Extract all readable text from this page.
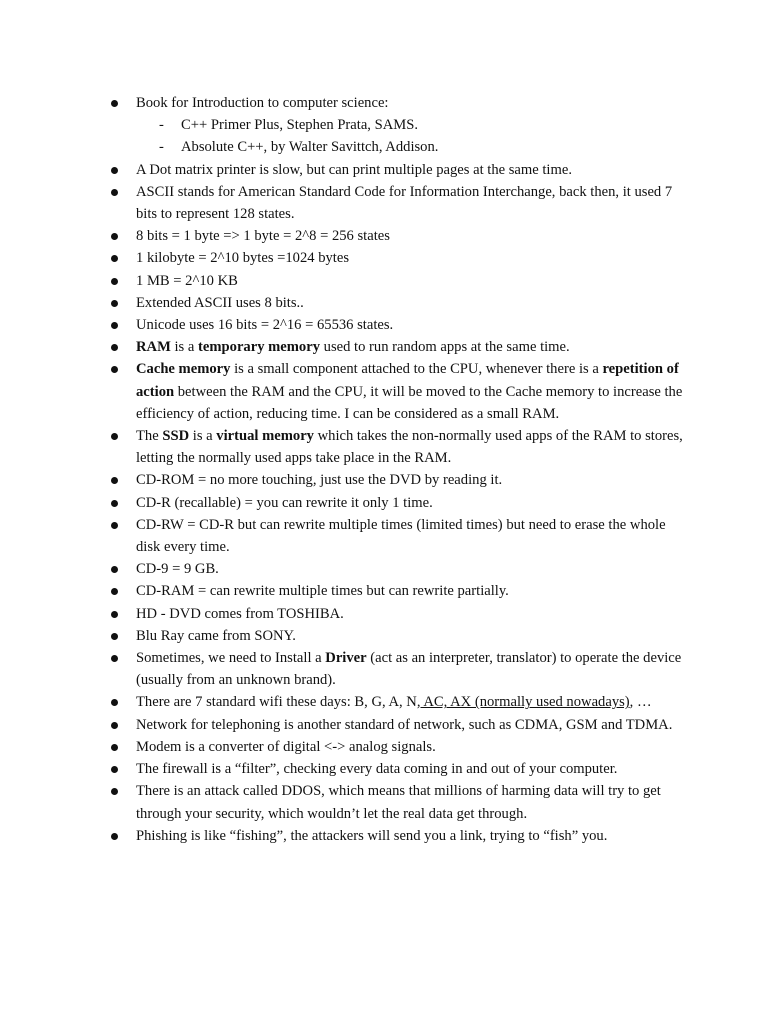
Book for Introduction to computer science:
- C++ Primer Plus, Stephen Prata, SAMS.
- Absolute C++, by Walter Savittch, Addison.
A Dot matrix printer is slow, but can print multiple pages at the same time.
ASCII stands for American Standard Code for Information Interchange, back then, it used 7 bits to represent 128 states.
8 bits = 1 byte => 1 byte = 2^8 = 256 states
1 kilobyte = 2^10 bytes =1024 bytes
1 MB = 2^10 KB
Extended ASCII uses 8 bits..
Unicode uses 16 bits = 2^16 = 65536 states.
RAM is a temporary memory used to run random apps at the same time.
Cache memory is a small component attached to the CPU, whenever there is a repetition of action between the RAM and the CPU, it will be moved to the Cache memory to increase the efficiency of action, reducing time. I can be considered as a small RAM.
The SSD is a virtual memory which takes the non-normally used apps of the RAM to stores, letting the normally used apps take place in the RAM.
CD-ROM = no more touching, just use the DVD by reading it.
CD-R (recallable) = you can rewrite it only 1 time.
CD-RW = CD-R but can rewrite multiple times (limited times) but need to erase the whole disk every time.
CD-9 = 9 GB.
CD-RAM = can rewrite multiple times but can rewrite partially.
HD - DVD comes from TOSHIBA.
Blu Ray came from SONY.
Sometimes, we need to Install a Driver (act as an interpreter, translator) to operate the device (usually from an unknown brand).
There are 7 standard wifi these days: B, G, A, N, AC, AX (normally used nowadays), …
Network for telephoning is another standard of network, such as CDMA, GSM and TDMA.
Modem is a converter of digital <-> analog signals.
The firewall is a “filter”, checking every data coming in and out of your computer.
There is an attack called DDOS, which means that millions of harming data will try to get through your security, which wouldn’t let the real data get through.
Phishing is like “fishing”, the attackers will send you a link, trying to “fish” you.
